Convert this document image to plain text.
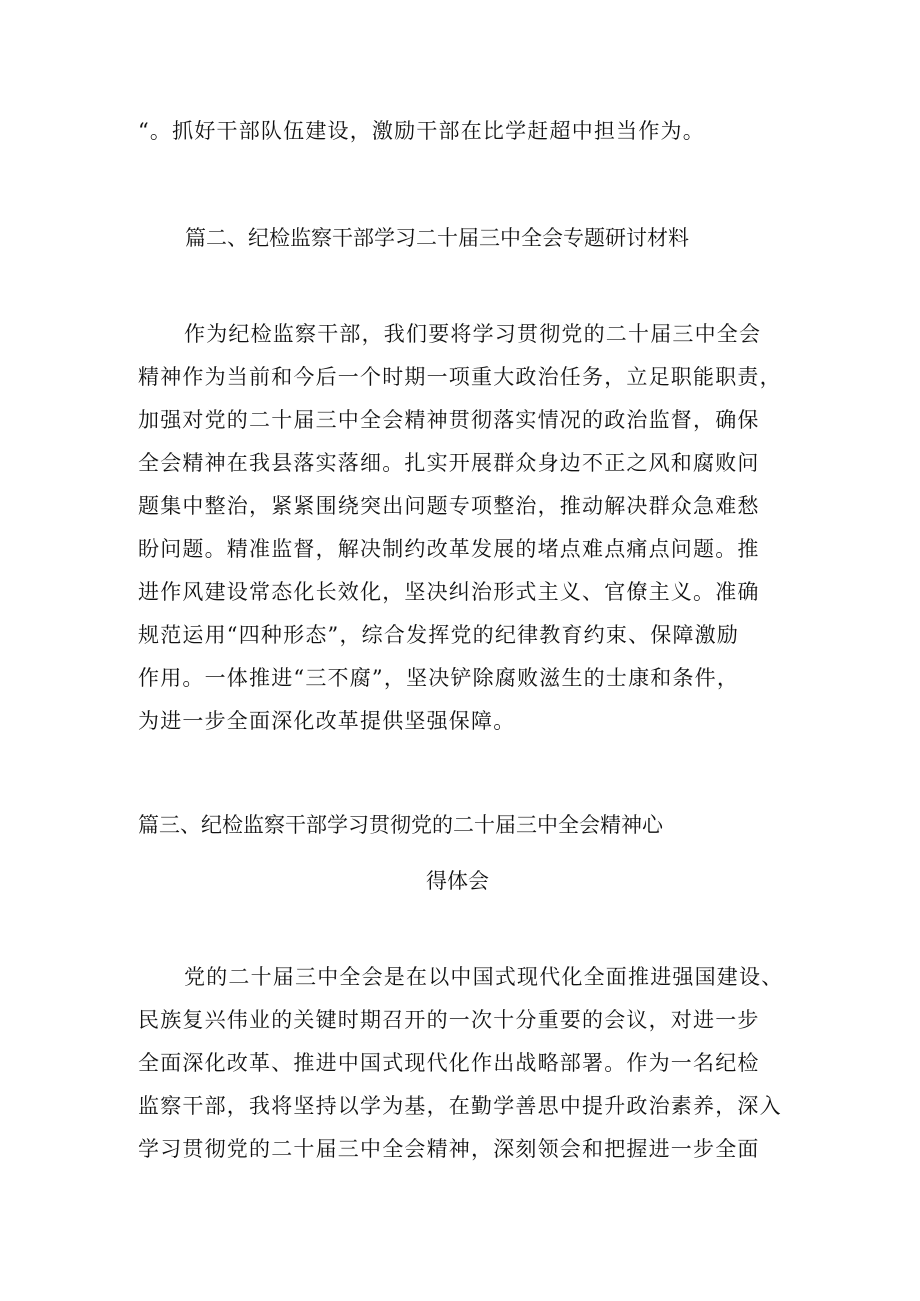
“。抓好干部队伍建设，激励干部在比学赶超中担当作为。
篇二、纪检监察干部学习二十届三中全会专题研讨材料
作为纪检监察干部，我们要将学习贯彻党的二十届三中全会
精神作为当前和今后一个时期一项重大政治任务，立足职能职责，
加强对党的二十届三中全会精神贯彻落实情况的政治监督，确保
全会精神在我县落实落细。扎实开展群众身边不正之风和腐败问
题集中整治，紧紧围绕突出问题专项整治，推动解决群众急难愁
盼问题。精准监督，解决制约改革发展的堵点难点痛点问题。推
进作风建设常态化长效化，坚决纠治形式主义、官僚主义。准确
规范运用“四种形态”，综合发挥党的纪律教育约束、保障激励
作用。一体推进“三不腐”，坚决铲除腐败滋生的士康和条件，
为进一步全面深化改革提供坚强保障。
篇三、纪检监察干部学习贯彻党的二十届三中全会精神心
得体会
党的二十届三中全会是在以中国式现代化全面推进强国建设、
民族复兴伟业的关键时期召开的一次十分重要的会议，对进一步
全面深化改革、推进中国式现代化作出战略部署。作为一名纪检
监察干部，我将坚持以学为基，在勤学善思中提升政治素养，深入
学习贯彻党的二十届三中全会精神，深刻领会和把握进一步全面
